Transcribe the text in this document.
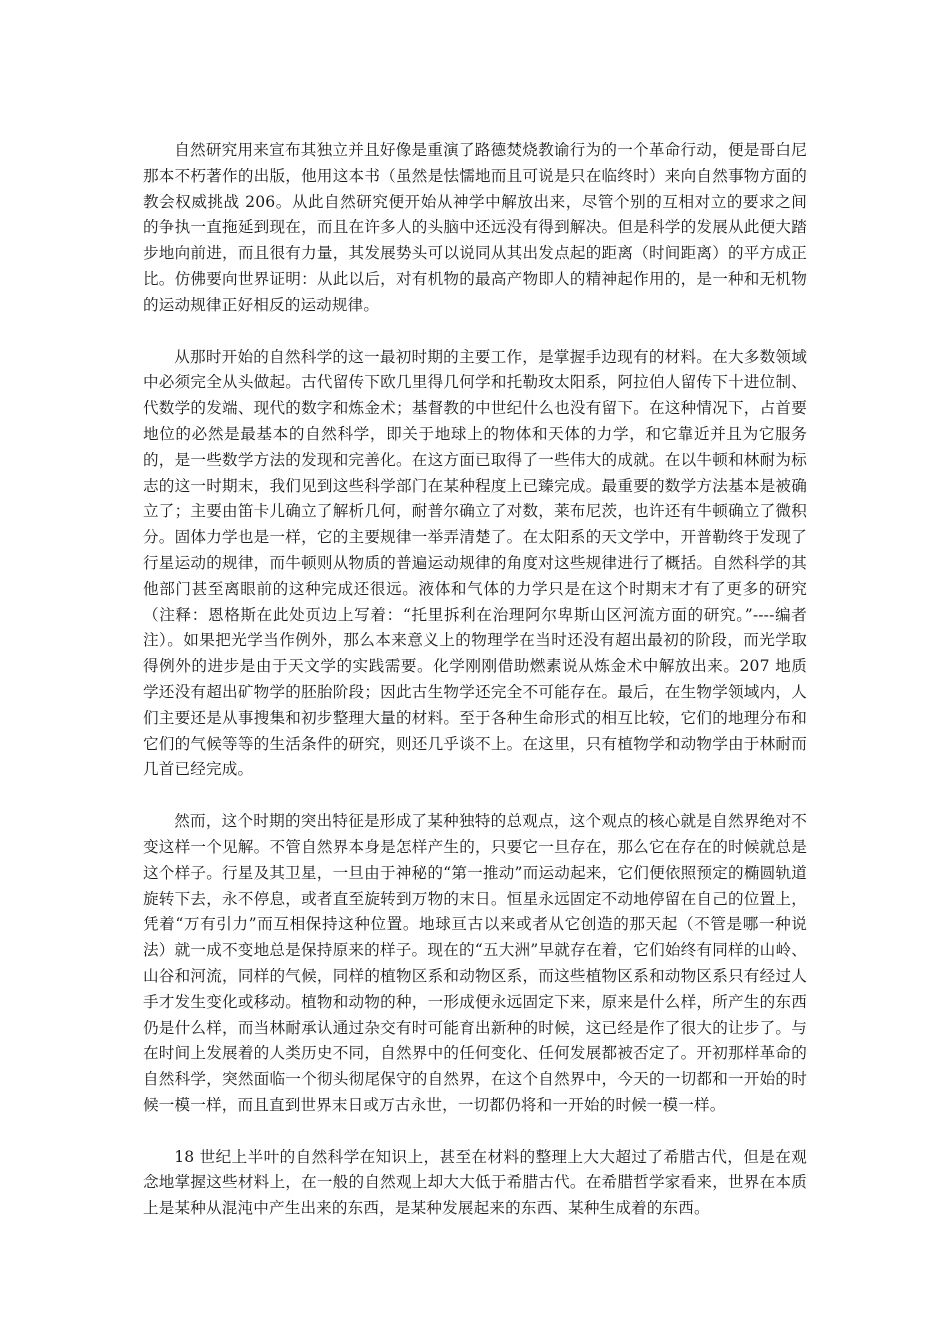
自然研究用来宣布其独立并且好像是重演了路德焚烧教谕行为的一个革命行动，便是哥白尼那本不朽著作的出版，他用这本书（虽然是怯懦地而且可说是只在临终时）来向自然事物方面的教会权威挑战 206。从此自然研究便开始从神学中解放出来，尽管个别的互相对立的要求之间的争执一直拖延到现在，而且在许多人的头脑中还远没有得到解决。但是科学的发展从此便大踏步地向前进，而且很有力量，其发展势头可以说同从其出发点起的距离（时间距离）的平方成正比。仿佛要向世界证明：从此以后，对有机物的最高产物即人的精神起作用的，是一种和无机物的运动规律正好相反的运动规律。

从那时开始的自然科学的这一最初时期的主要工作，是掌握手边现有的材料。在大多数领域中必须完全从头做起。古代留传下欧几里得几何学和托勒玫太阳系，阿拉伯人留传下十进位制、代数学的发端、现代的数字和炼金术；基督教的中世纪什么也没有留下。在这种情况下，占首要地位的必然是最基本的自然科学，即关于地球上的物体和天体的力学，和它靠近并且为它服务的，是一些数学方法的发现和完善化。在这方面已取得了一些伟大的成就。在以牛顿和林耐为标志的这一时期末，我们见到这些科学部门在某种程度上已臻完成。最重要的数学方法基本是被确立了；主要由笛卡儿确立了解析几何，耐普尔确立了对数，莱布尼茨，也许还有牛顿确立了微积分。固体力学也是一样，它的主要规律一举弄清楚了。在太阳系的天文学中，开普勒终于发现了行星运动的规律，而牛顿则从物质的普遍运动规律的角度对这些规律进行了概括。自然科学的其他部门甚至离眼前的这种完成还很远。液体和气体的力学只是在这个时期末才有了更多的研究（注释：恩格斯在此处页边上写着：“托里拆利在治理阿尔卑斯山区河流方面的研究。”----编者注）。如果把光学当作例外，那么本来意义上的物理学在当时还没有超出最初的阶段，而光学取得例外的进步是由于天文学的实践需要。化学刚刚借助燃素说从炼金术中解放出来。207 地质学还没有超出矿物学的胚胎阶段；因此古生物学还完全不可能存在。最后，在生物学领域内，人们主要还是从事搜集和初步整理大量的材料。至于各种生命形式的相互比较，它们的地理分布和它们的气候等等的生活条件的研究，则还几乎谈不上。在这里，只有植物学和动物学由于林耐而几首已经完成。

然而，这个时期的突出特征是形成了某种独特的总观点，这个观点的核心就是自然界绝对不变这样一个见解。不管自然界本身是怎样产生的，只要它一旦存在，那么它在存在的时候就总是这个样子。行星及其卫星，一旦由于神秘的“第一推动”而运动起来，它们便依照预定的椭圆轨道旋转下去，永不停息，或者直至旋转到万物的末日。恒星永远固定不动地停留在自己的位置上，凭着“万有引力”而互相保持这种位置。地球亘古以来或者从它创造的那天起（不管是哪一种说法）就一成不变地总是保持原来的样子。现在的“五大洲”早就存在着，它们始终有同样的山岭、山谷和河流，同样的气候，同样的植物区系和动物区系，而这些植物区系和动物区系只有经过人手才发生变化或移动。植物和动物的种，一形成便永远固定下来，原来是什么样，所产生的东西仍是什么样，而当林耐承认通过杂交有时可能育出新种的时候，这已经是作了很大的让步了。与在时间上发展着的人类历史不同，自然界中的任何变化、任何发展都被否定了。开初那样革命的自然科学，突然面临一个彻头彻尾保守的自然界，在这个自然界中，今天的一切都和一开始的时候一模一样，而且直到世界末日或万古永世，一切都仍将和一开始的时候一模一样。

18 世纪上半叶的自然科学在知识上，甚至在材料的整理上大大超过了希腊古代，但是在观念地掌握这些材料上，在一般的自然观上却大大低于希腊古代。在希腊哲学家看来，世界在本质上是某种从混沌中产生出来的东西，是某种发展起来的东西、某种生成着的东西。
